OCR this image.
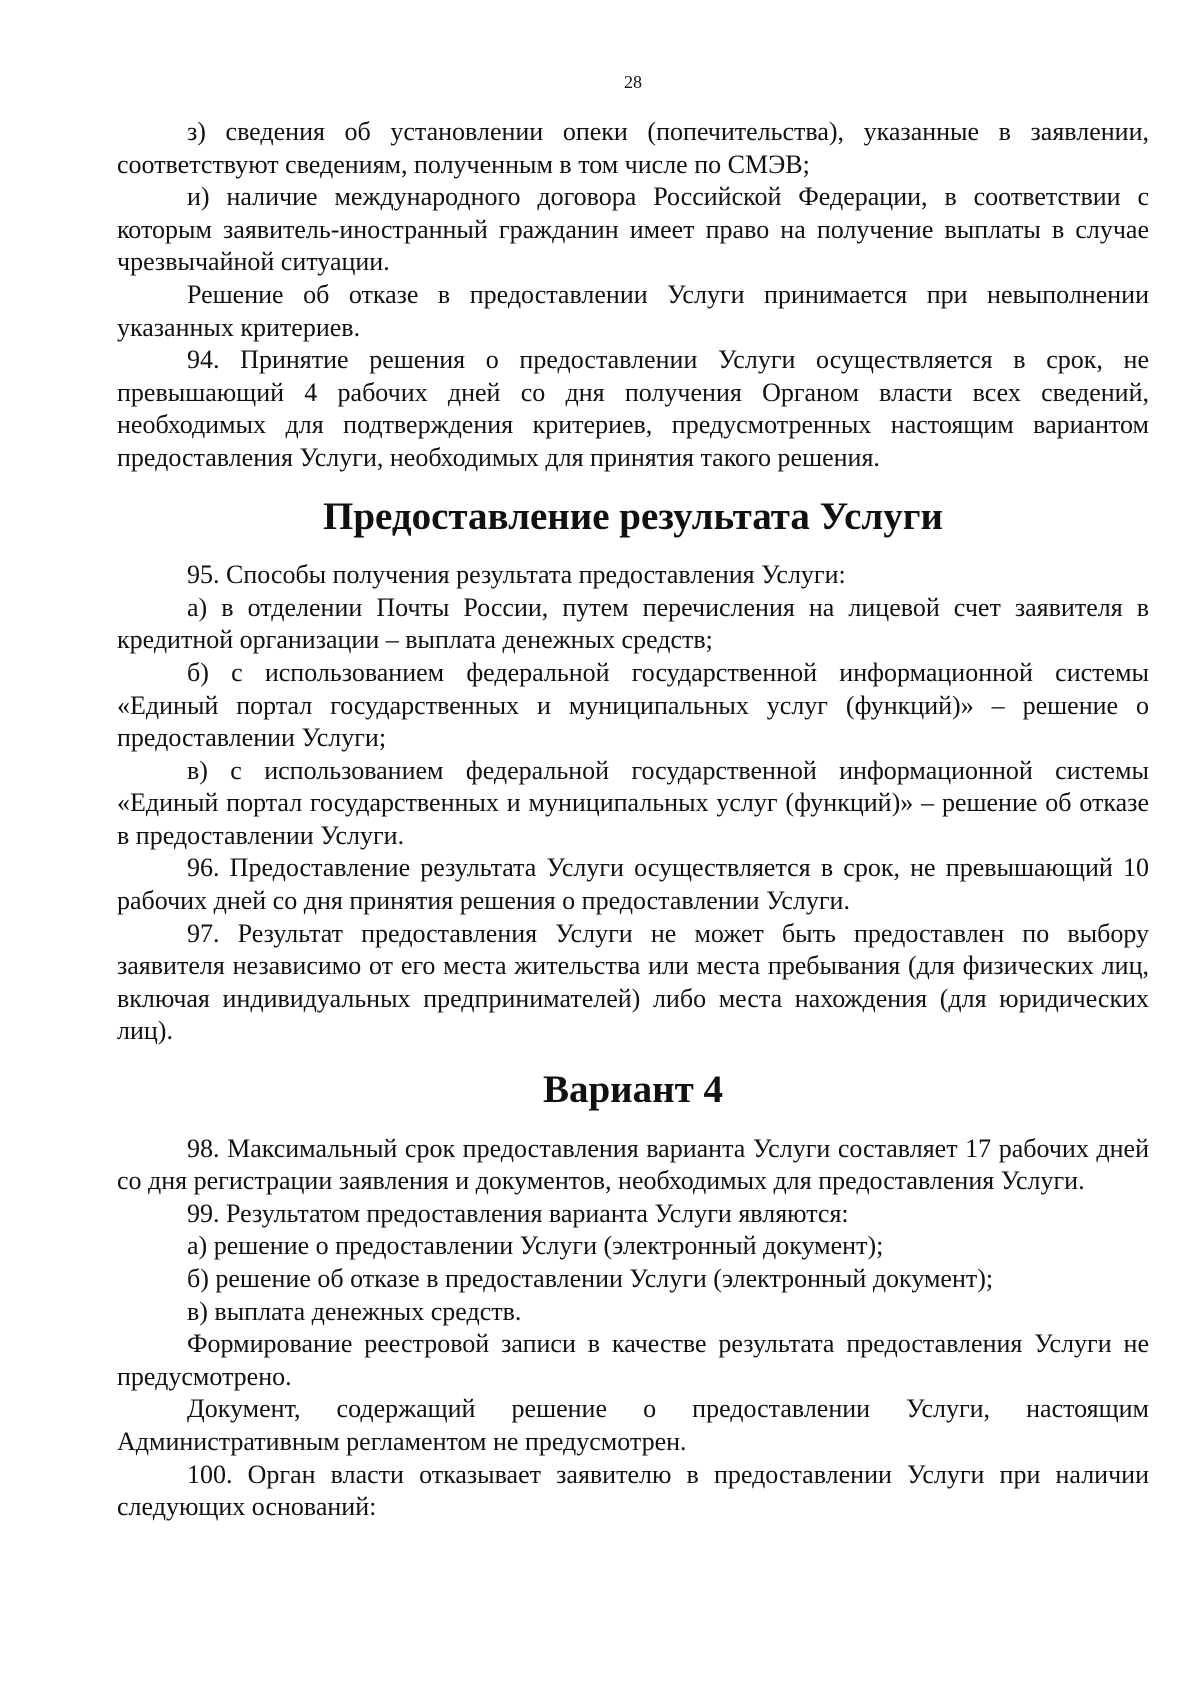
28

з) сведения об установлении опеки (попечительства), указанные в заявлении, соответствуют сведениям, полученным в том числе по СМЭВ;

и) наличие международного договора Российской Федерации, в соответствии с которым заявитель-иностранный гражданин имеет право на получение выплаты в случае чрезвычайной ситуации.

Решение об отказе в предоставлении Услуги принимается при невыполнении указанных критериев.

94. Принятие решения о предоставлении Услуги осуществляется в срок, не превышающий 4 рабочих дней со дня получения Органом власти всех сведений, необходимых для подтверждения критериев, предусмотренных настоящим вариантом предоставления Услуги, необходимых для принятия такого решения.

Предоставление результата Услуги

95. Способы получения результата предоставления Услуги:

а) в отделении Почты России, путем перечисления на лицевой счет заявителя в кредитной организации – выплата денежных средств;

б) с использованием федеральной государственной информационной системы «Единый портал государственных и муниципальных услуг (функций)» – решение о предоставлении Услуги;

в) с использованием федеральной государственной информационной системы «Единый портал государственных и муниципальных услуг (функций)» – решение об отказе в предоставлении Услуги.

96. Предоставление результата Услуги осуществляется в срок, не превышающий 10 рабочих дней со дня принятия решения о предоставлении Услуги.

97. Результат предоставления Услуги не может быть предоставлен по выбору заявителя независимо от его места жительства или места пребывания (для физических лиц, включая индивидуальных предпринимателей) либо места нахождения (для юридических лиц).

Вариант 4

98. Максимальный срок предоставления варианта Услуги составляет 17 рабочих дней со дня регистрации заявления и документов, необходимых для предоставления Услуги.

99. Результатом предоставления варианта Услуги являются:

а) решение о предоставлении Услуги (электронный документ);

б) решение об отказе в предоставлении Услуги (электронный документ);

в) выплата денежных средств.

Формирование реестровой записи в качестве результата предоставления Услуги не предусмотрено.

Документ, содержащий решение о предоставлении Услуги, настоящим Административным регламентом не предусмотрен.

100. Орган власти отказывает заявителю в предоставлении Услуги при наличии следующих оснований:
